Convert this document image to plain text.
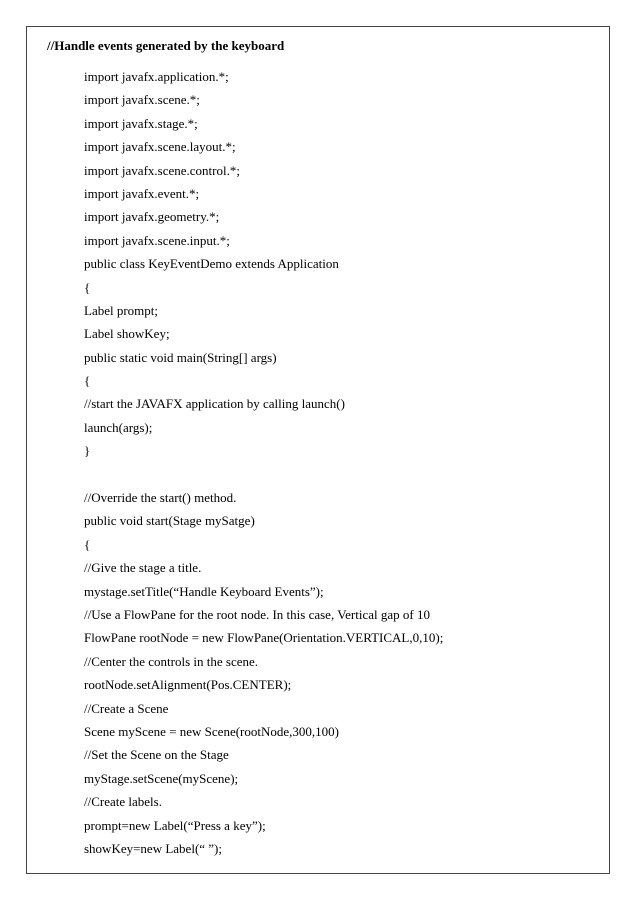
//Handle events generated by the keyboard
import javafx.application.*;
import javafx.scene.*;
import javafx.stage.*;
import javafx.scene.layout.*;
import javafx.scene.control.*;
import javafx.event.*;
import javafx.geometry.*;
import javafx.scene.input.*;
public class KeyEventDemo extends Application
{
Label prompt;
Label showKey;
public static void main(String[] args)
{
//start the JAVAFX application by calling launch()
launch(args);
}
//Override the start() method.
public void start(Stage mySatge)
{
//Give the stage a title.
mystage.setTitle(“Handle Keyboard Events”);
//Use a FlowPane for the root node. In this case, Vertical gap of 10
FlowPane rootNode = new FlowPane(Orientation.VERTICAL,0,10);
//Center the controls in the scene.
rootNode.setAlignment(Pos.CENTER);
//Create a Scene
Scene myScene = new Scene(rootNode,300,100)
//Set the Scene on the Stage
myStage.setScene(myScene);
//Create labels.
prompt=new Label(“Press a key”);
showKey=new Label(“ ”);
